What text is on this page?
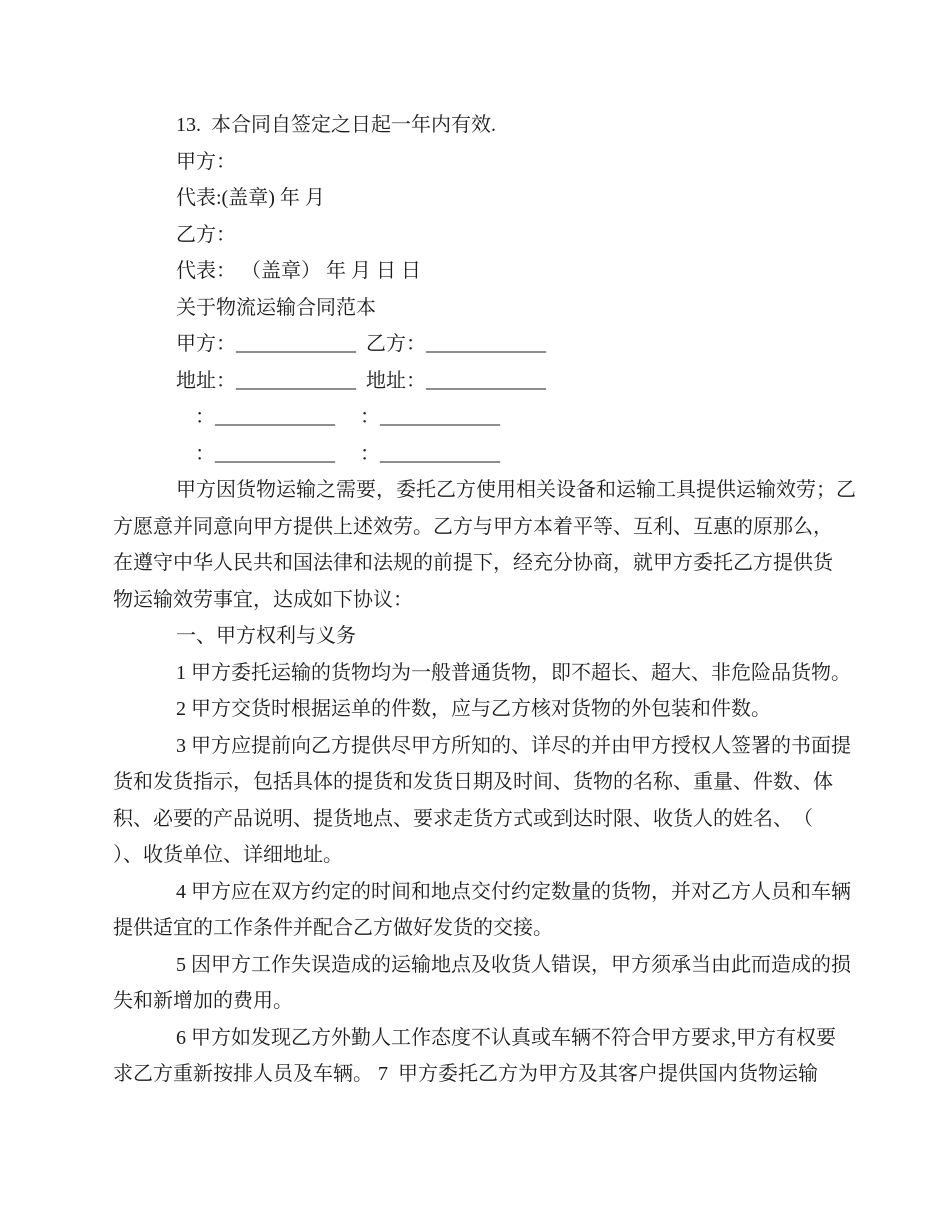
13.  本合同自签定之日起一年内有效.
甲方：
代表:(盖章) 年 月
乙方：
代表： （盖章） 年 月 日 日
关于物流运输合同范本
甲方：____________  乙方：____________
地址：____________  地址：____________
：____________　 ：____________
：____________　 ：____________
甲方因货物运输之需要，委托乙方使用相关设备和运输工具提供运输效劳；乙
方愿意并同意向甲方提供上述效劳。乙方与甲方本着平等、互利、互惠的原那么，
在遵守中华人民共和国法律和法规的前提下，经充分协商，就甲方委托乙方提供货
物运输效劳事宜，达成如下协议：
一、甲方权利与义务
1 甲方委托运输的货物均为一般普通货物，即不超长、超大、非危险品货物。
2 甲方交货时根据运单的件数，应与乙方核对货物的外包装和件数。
3 甲方应提前向乙方提供尽甲方所知的、详尽的并由甲方授权人签署的书面提
货和发货指示，包括具体的提货和发货日期及时间、货物的名称、重量、件数、体
积、必要的产品说明、提货地点、要求走货方式或到达时限、收货人的姓名、　（
）、收货单位、详细地址。
4 甲方应在双方约定的时间和地点交付约定数量的货物，并对乙方人员和车辆
提供适宜的工作条件并配合乙方做好发货的交接。
5 因甲方工作失误造成的运输地点及收货人错误，甲方须承当由此而造成的损
失和新增加的费用。
6 甲方如发现乙方外勤人工作态度不认真或车辆不符合甲方要求,甲方有权要
求乙方重新按排人员及车辆。 7  甲方委托乙方为甲方及其客户提供国内货物运输
